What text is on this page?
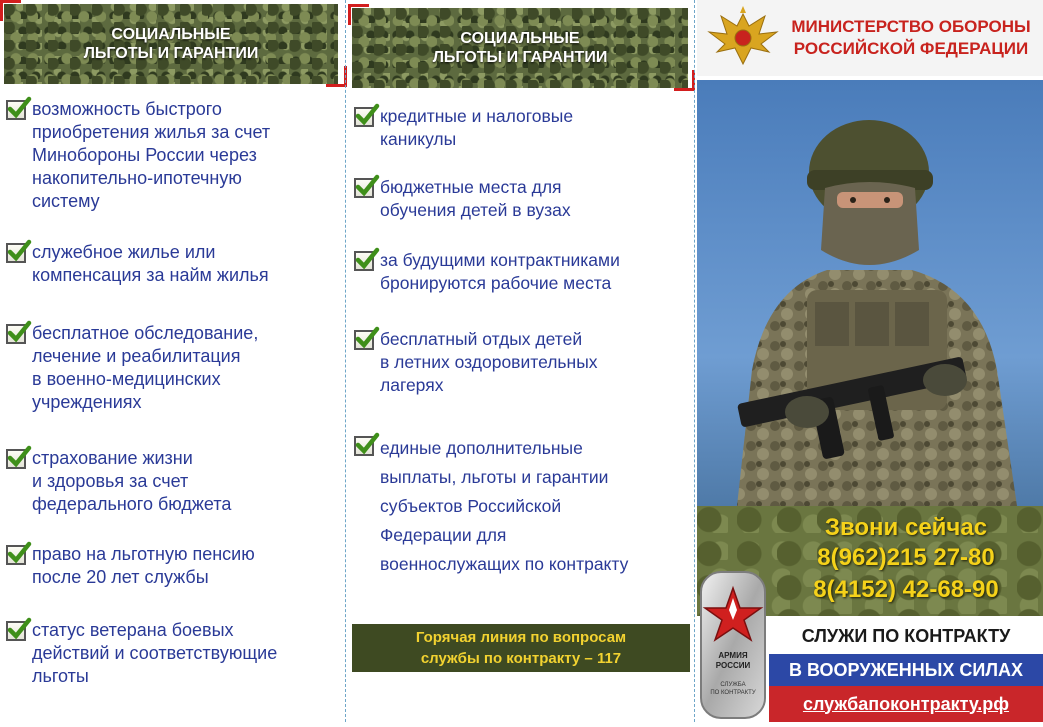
СОЦИАЛЬНЫЕ
ЛЬГОТЫ И ГАРАНТИИ
возможность быстрого
приобретения жилья за счет
Минобороны России через
накопительно-ипотечную
систему
служебное жилье или
компенсация за найм жилья
бесплатное обследование,
лечение и реабилитация
в военно-медицинских
учреждениях
страхование жизни
и здоровья за счет
федерального бюджета
право на льготную пенсию
после 20 лет службы
статус ветерана боевых
действий и соответствующие
льготы
СОЦИАЛЬНЫЕ
ЛЬГОТЫ И ГАРАНТИИ
кредитные и налоговые
каникулы
бюджетные места для
обучения детей в вузах
за будущими контрактниками
бронируются рабочие места
бесплатный отдых детей
в летних оздоровительных
лагерях
единые дополнительные
выплаты, льготы и гарантии
субъектов Российской
Федерации для
военнослужащих по контракту
Горячая линия по вопросам
службы по контракту – 117
МИНИСТЕРСТВО ОБОРОНЫ
РОССИЙСКОЙ ФЕДЕРАЦИИ
Звони сейчас
8(962)215 27-80
8(4152) 42-68-90
АРМИЯ
РОССИИ
СЛУЖБА
ПО КОНТРАКТУ
СЛУЖИ ПО КОНТРАКТУ
В ВООРУЖЕННЫХ СИЛАХ
службапоконтракту.рф
